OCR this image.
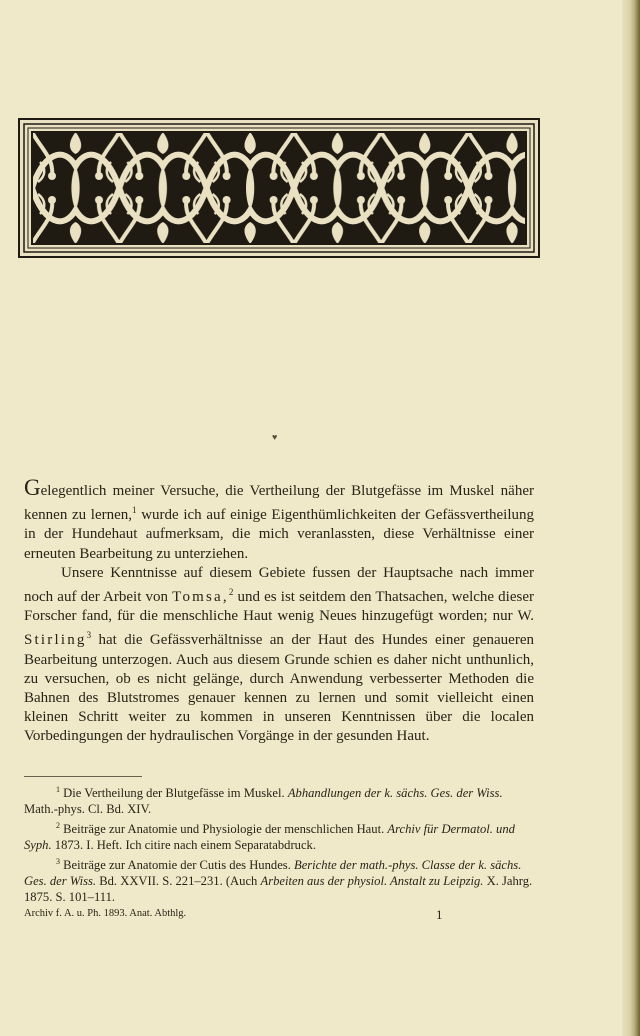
♥

Gelegentlich meiner Versuche, die Vertheilung der Blutgefässe im Muskel näher kennen zu lernen,$^1$ wurde ich auf einige Eigenthümlichkeiten der Gefässvertheilung in der Hundehaut aufmerksam, die mich veranlassten, diese Verhältnisse einer erneuten Bearbeitung zu unterziehen.

Unsere Kenntnisse auf diesem Gebiete fussen der Hauptsache nach immer noch auf der Arbeit von Tomsa,$^2$ und es ist seitdem den Thatsachen, welche dieser Forscher fand, für die menschliche Haut wenig Neues hinzugefügt worden; nur W. Stirling$^3$ hat die Gefässverhältnisse an der Haut des Hundes einer genaueren Bearbeitung unterzogen. Auch aus diesem Grunde schien es daher nicht unthunlich, zu versuchen, ob es nicht gelänge, durch Anwendung verbesserter Methoden die Bahnen des Blutstromes genauer kennen zu lernen und somit vielleicht einen kleinen Schritt weiter zu kommen in unseren Kenntnissen über die localen Vorbedingungen der hydraulischen Vorgänge in der gesunden Haut.

$^1$ Die Vertheilung der Blutgefässe im Muskel. Abhandlungen der k. sächs. Ges. der Wiss. Math.-phys. Cl. Bd. XIV.

$^2$ Beiträge zur Anatomie und Physiologie der menschlichen Haut. Archiv für Dermatol. und Syph. 1873. I. Heft. Ich citire nach einem Separatabdruck.

$^3$ Beiträge zur Anatomie der Cutis des Hundes. Berichte der math.-phys. Classe der k. sächs. Ges. der Wiss. Bd. XXVII. S. 221–231. (Auch Arbeiten aus der physiol. Anstalt zu Leipzig. X. Jahrg. 1875. S. 101–111.

Archiv f. A. u. Ph. 1893. Anat. Abthlg.	1
